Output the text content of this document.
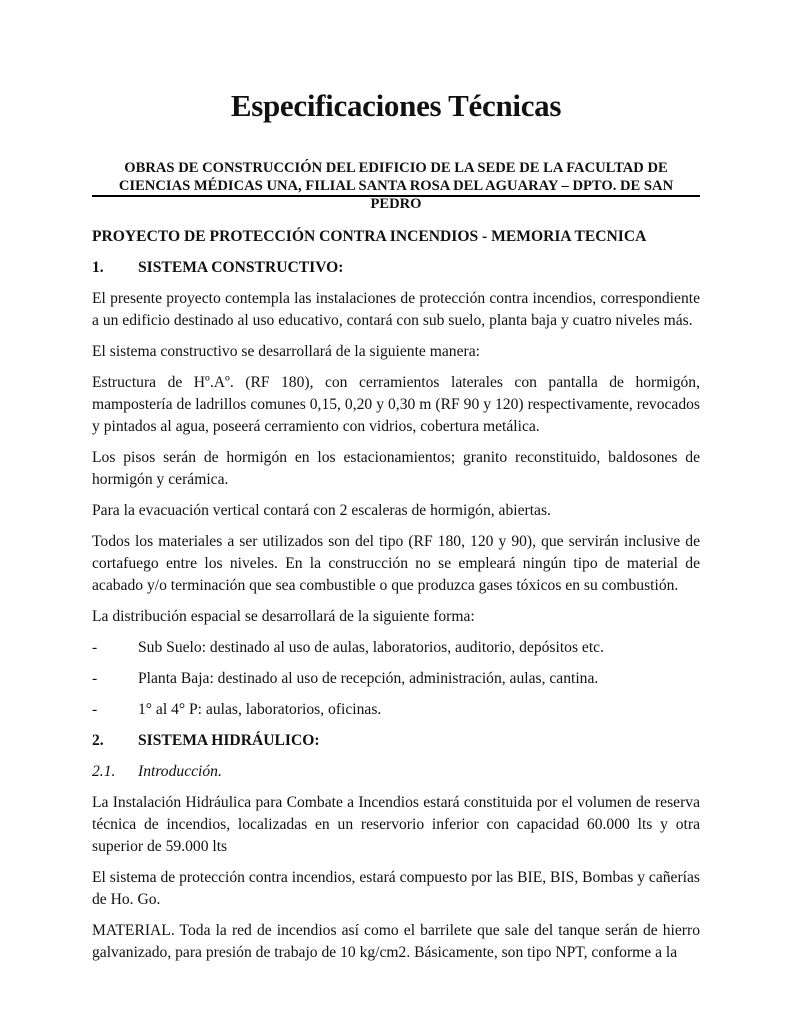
Especificaciones Técnicas
OBRAS DE CONSTRUCCIÓN DEL EDIFICIO DE LA SEDE DE LA FACULTAD DE
CIENCIAS MÉDICAS UNA, FILIAL SANTA ROSA DEL AGUARAY – DPTO. DE SAN PEDRO
PROYECTO DE PROTECCIÓN CONTRA INCENDIOS - MEMORIA TECNICA
1. SISTEMA CONSTRUCTIVO:

El presente proyecto contempla las instalaciones de protección contra incendios, correspondiente a un edificio destinado al uso educativo, contará con sub suelo, planta baja y cuatro niveles más.

El sistema constructivo se desarrollará de la siguiente manera:

Estructura de Hº.Aº. (RF 180), con cerramientos laterales con pantalla de hormigón, mampostería de ladrillos comunes 0,15, 0,20 y 0,30 m (RF 90 y 120) respectivamente, revocados y pintados al agua, poseerá cerramiento con vidrios, cobertura metálica.

Los pisos serán de hormigón en los estacionamientos; granito reconstituido, baldosones de hormigón y cerámica.

Para la evacuación vertical contará con 2 escaleras de hormigón, abiertas.

Todos los materiales a ser utilizados son del tipo (RF 180, 120 y 90), que servirán inclusive de cortafuego entre los niveles. En la construcción no se empleará ningún tipo de material de acabado y/o terminación que sea combustible o que produzca gases tóxicos en su combustión.

La distribución espacial se desarrollará de la siguiente forma:

-	Sub Suelo: destinado al uso de aulas, laboratorios, auditorio, depósitos etc.
-	Planta Baja: destinado al uso de recepción, administración, aulas, cantina.
-	1° al 4° P: aulas, laboratorios, oficinas.
2. SISTEMA HIDRÁULICO:

2.1. Introducción.

La Instalación Hidráulica para Combate a Incendios estará constituida por el volumen de reserva técnica de incendios, localizadas en un reservorio inferior con capacidad 60.000 lts y otra superior de 59.000 lts

El sistema de protección contra incendios, estará compuesto por las BIE, BIS, Bombas y cañerías de Ho. Go.

MATERIAL. Toda la red de incendios así como el barrilete que sale del tanque serán de hierro galvanizado, para presión de trabajo de 10 kg/cm2. Básicamente, son tipo NPT, conforme a la
